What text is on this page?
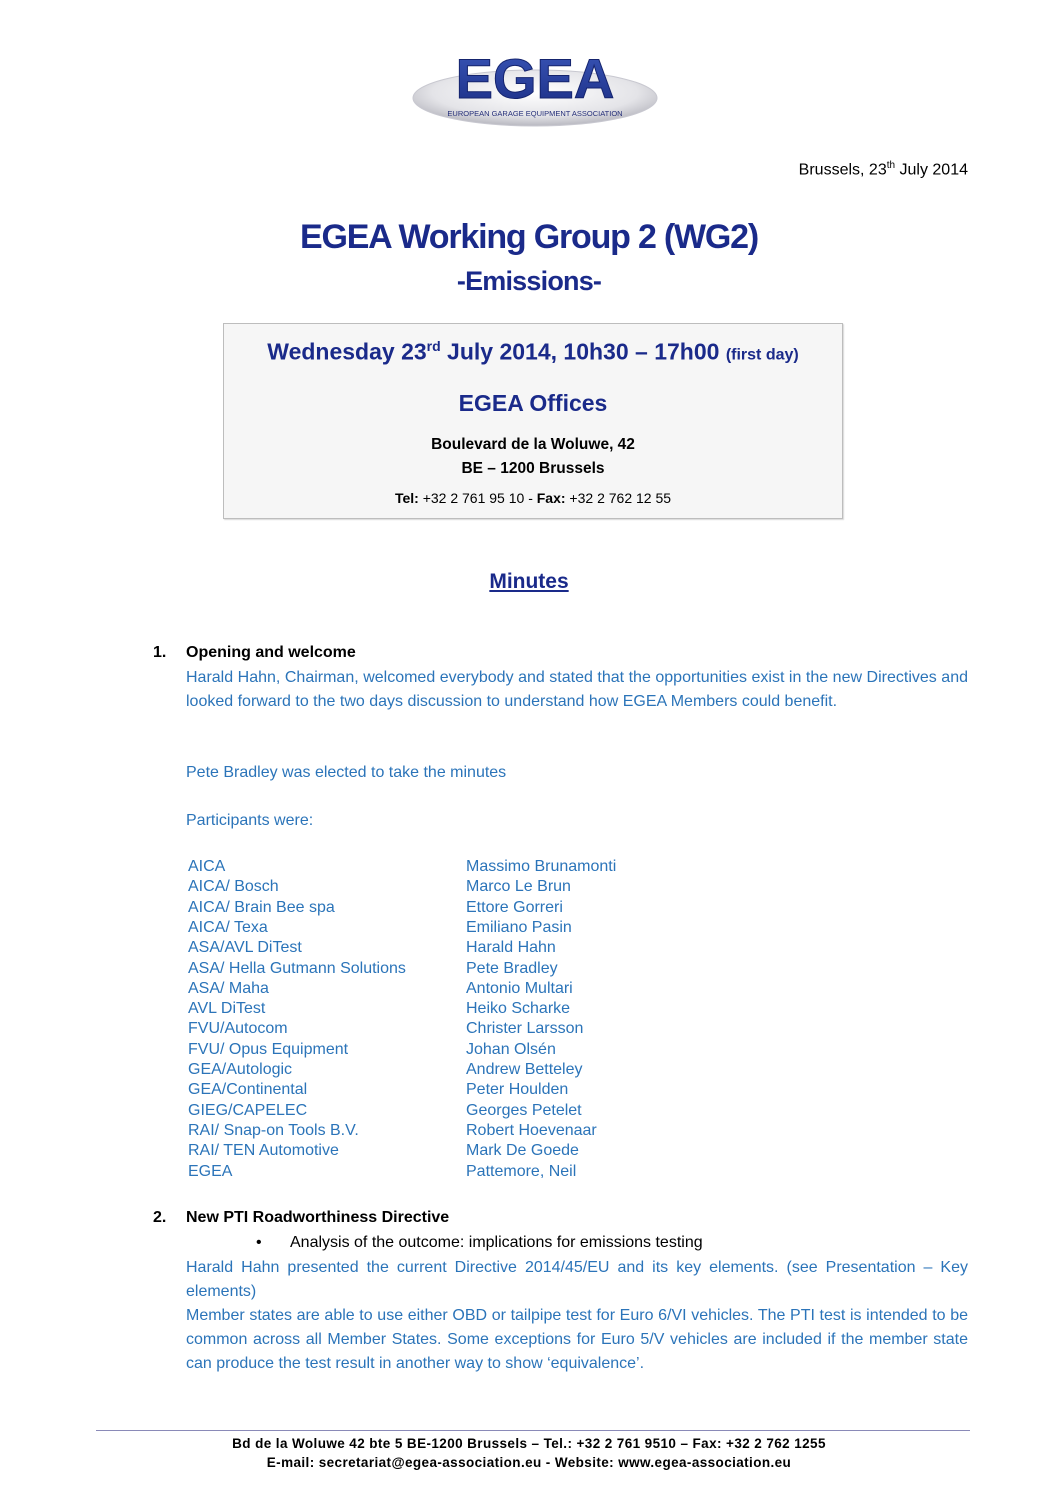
EGEA
EUROPEAN GARAGE EQUIPMENT ASSOCIATION
Brussels, 23th July 2014
EGEA Working Group 2 (WG2)
-Emissions-
Wednesday 23rd July 2014, 10h30 – 17h00 (first day)
EGEA Offices
Boulevard de la Woluwe, 42
BE – 1200 Brussels
Tel: +32 2 761 95 10 - Fax: +32 2 762 12 55
Minutes
1. Opening and welcome
Harald Hahn, Chairman, welcomed everybody and stated that the opportunities exist in the new Directives and looked forward to the two days discussion to understand how EGEA Members could benefit.
Pete Bradley was elected to take the minutes
Participants were:
AICA	Massimo Brunamonti
AICA/ Bosch	Marco Le Brun
AICA/ Brain Bee spa	Ettore Gorreri
AICA/ Texa	Emiliano Pasin
ASA/AVL DiTest	Harald Hahn
ASA/ Hella Gutmann Solutions	Pete Bradley
ASA/ Maha	Antonio Multari
AVL DiTest	Heiko Scharke
FVU/Autocom	Christer Larsson
FVU/ Opus Equipment	Johan Olsén
GEA/Autologic	Andrew Betteley
GEA/Continental	Peter Houlden
GIEG/CAPELEC	Georges Petelet
RAI/ Snap-on Tools B.V.	Robert Hoevenaar
RAI/ TEN Automotive	Mark De Goede
EGEA	Pattemore, Neil
2. New PTI Roadworthiness Directive
• Analysis of the outcome: implications for emissions testing
Harald Hahn presented the current Directive 2014/45/EU and its key elements. (see Presentation – Key elements)
Member states are able to use either OBD or tailpipe test for Euro 6/VI vehicles. The PTI test is intended to be common across all Member States. Some exceptions for Euro 5/V vehicles are included if the member state can produce the test result in another way to show ‘equivalence’.
Bd de la Woluwe 42 bte 5 BE-1200 Brussels – Tel.: +32 2 761 9510 – Fax: +32 2 762 1255
E-mail: secretariat@egea-association.eu - Website: www.egea-association.eu
